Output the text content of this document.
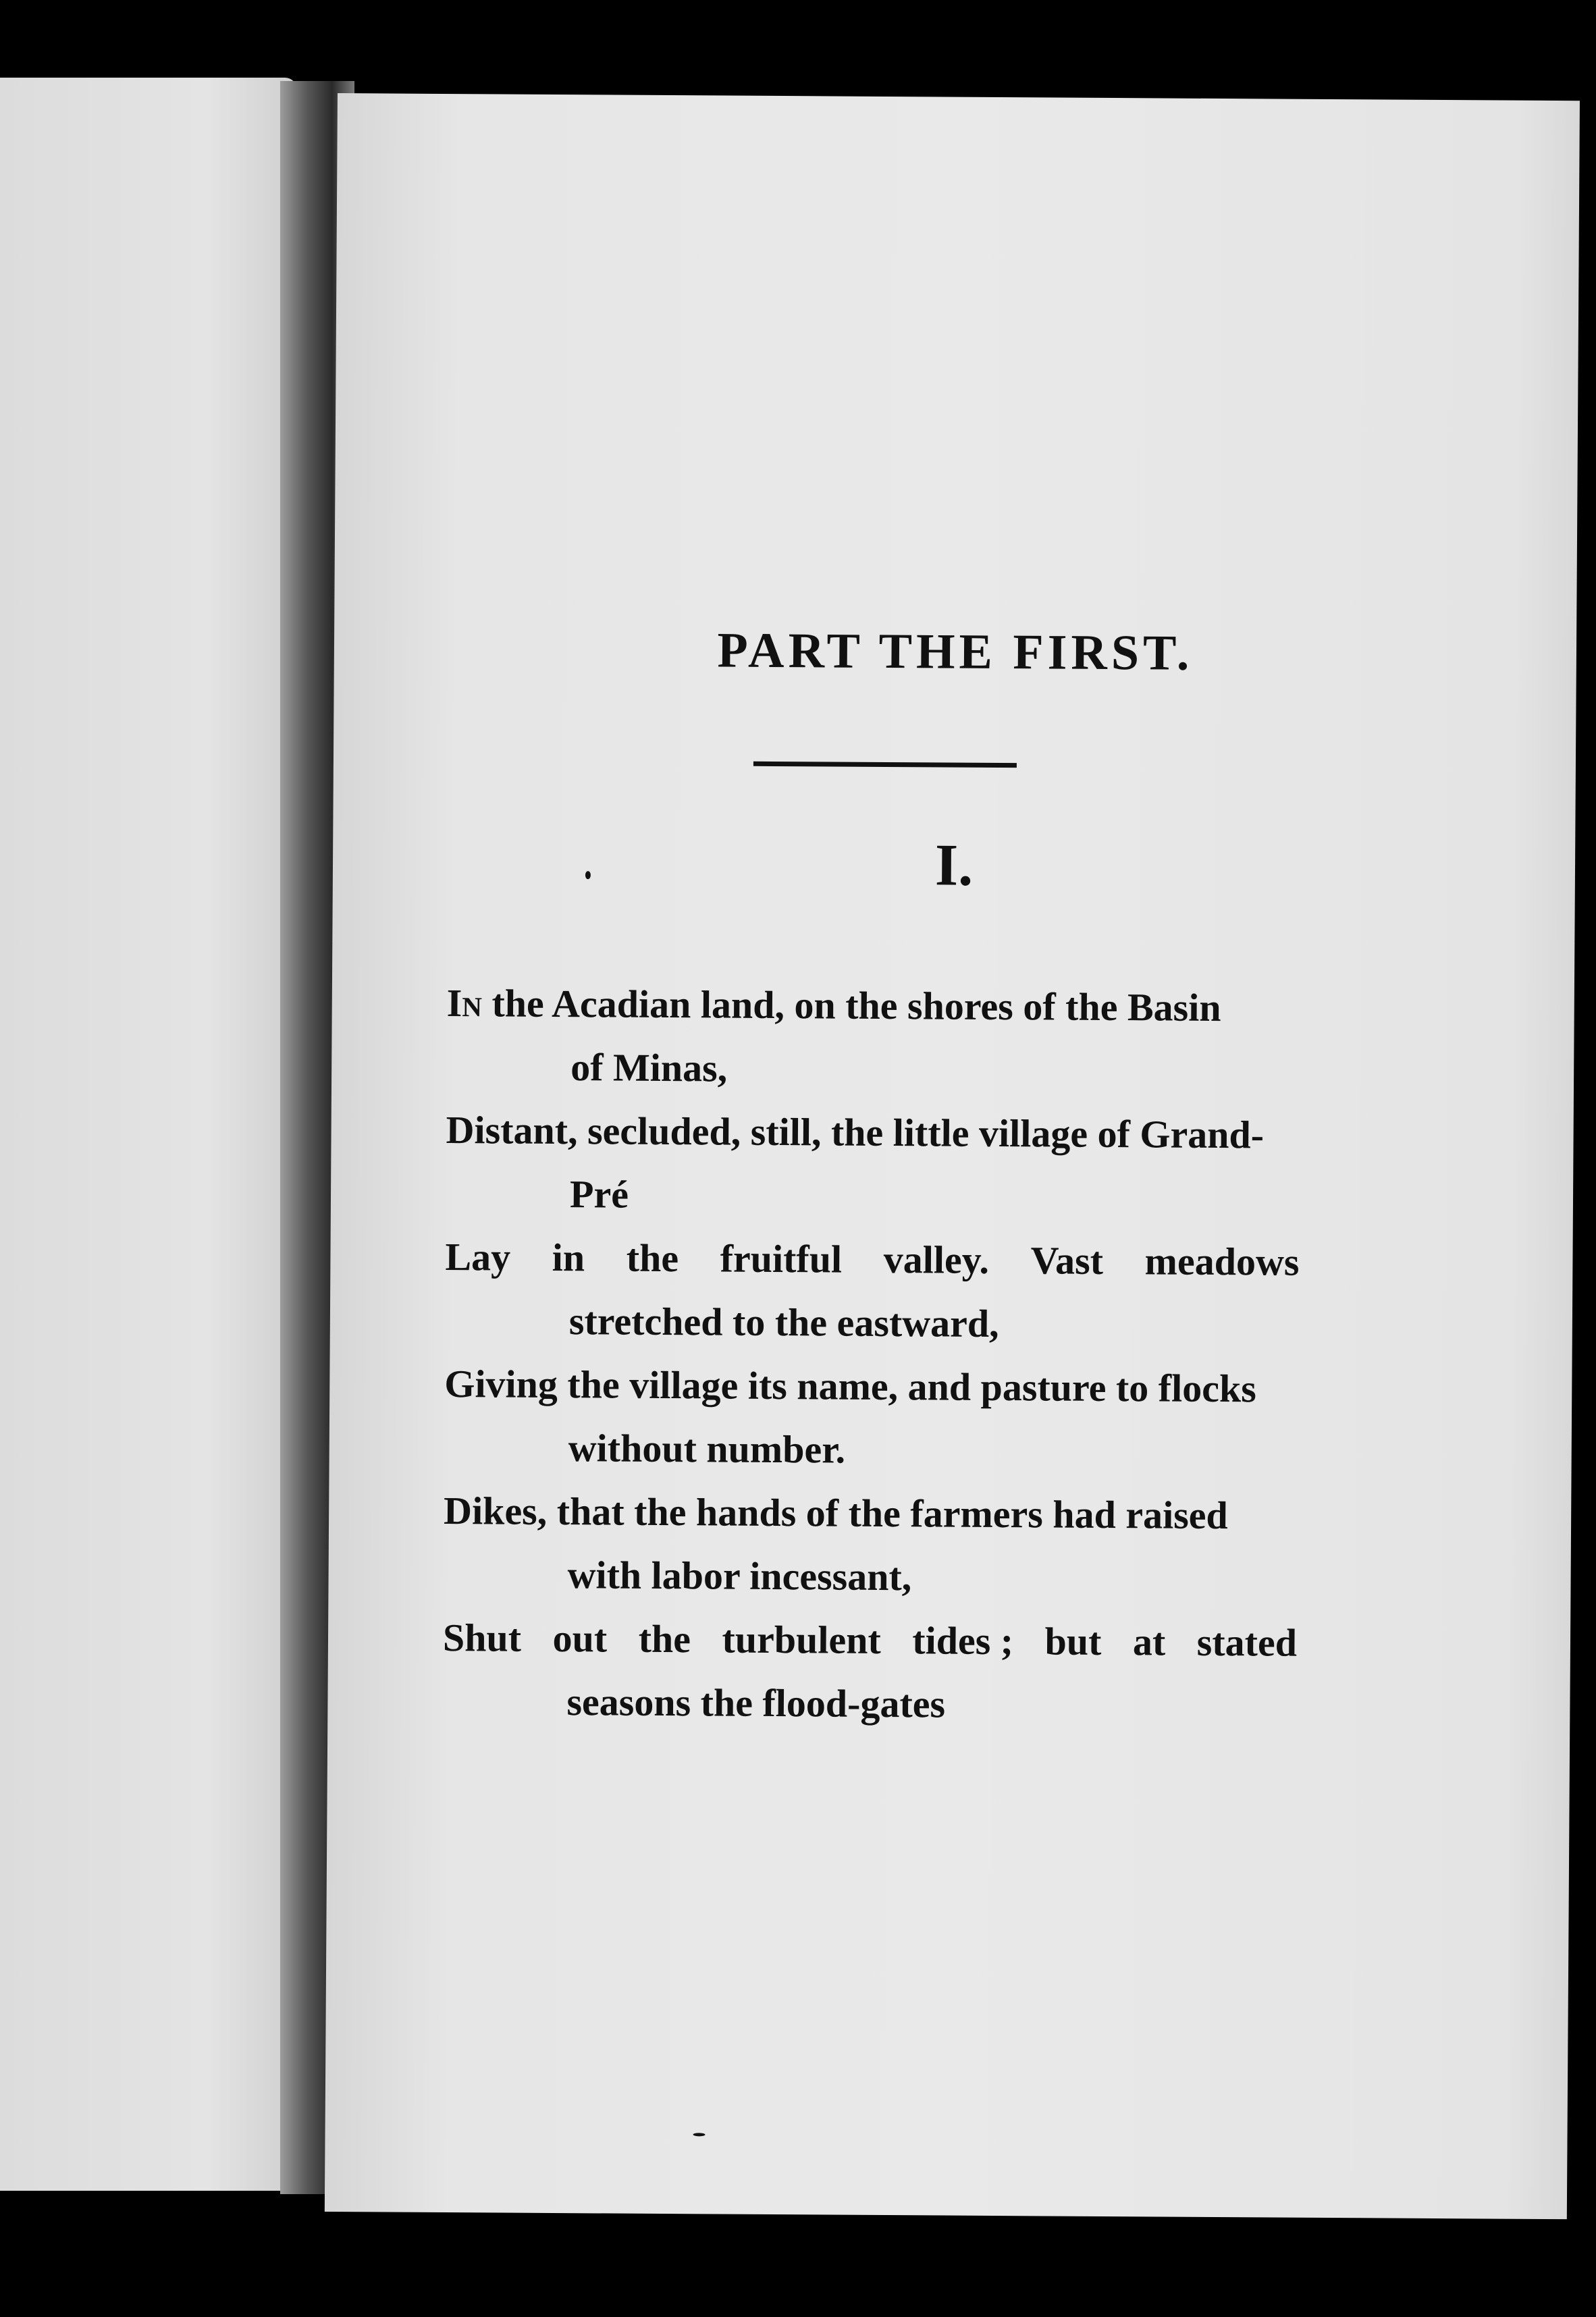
PART THE FIRST.
I.
In the Acadian land, on the shores of the Basin
of Minas,
Distant, secluded, still, the little village of Grand-
Pré
Lay in the fruitful valley. Vast meadows
stretched to the eastward,
Giving the village its name, and pasture to flocks
without number.
Dikes, that the hands of the farmers had raised
with labor incessant,
Shut out the turbulent tides ; but at stated
seasons the flood-gates
